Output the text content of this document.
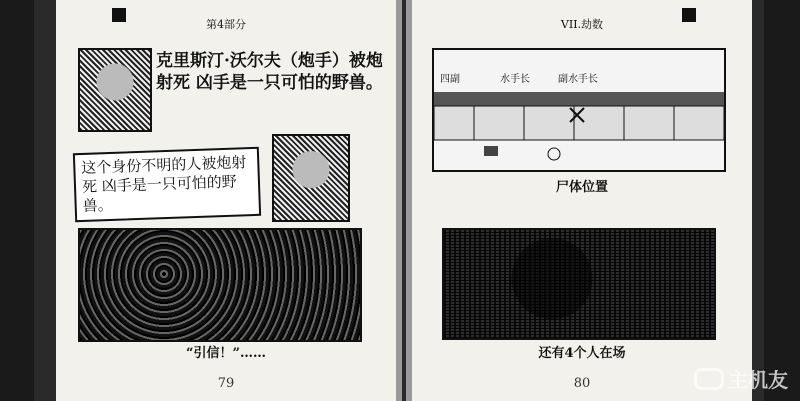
第4部分
克里斯汀·沃尔夫（炮手）被炮射死 凶手是一只可怕的野兽。
这个身份不明的人被炮射死 凶手是一只可怕的野兽。
“引信！”……
79
VII.劫数
四副	水手长	副水手长
尸体位置
还有4个人在场
80	主机友
